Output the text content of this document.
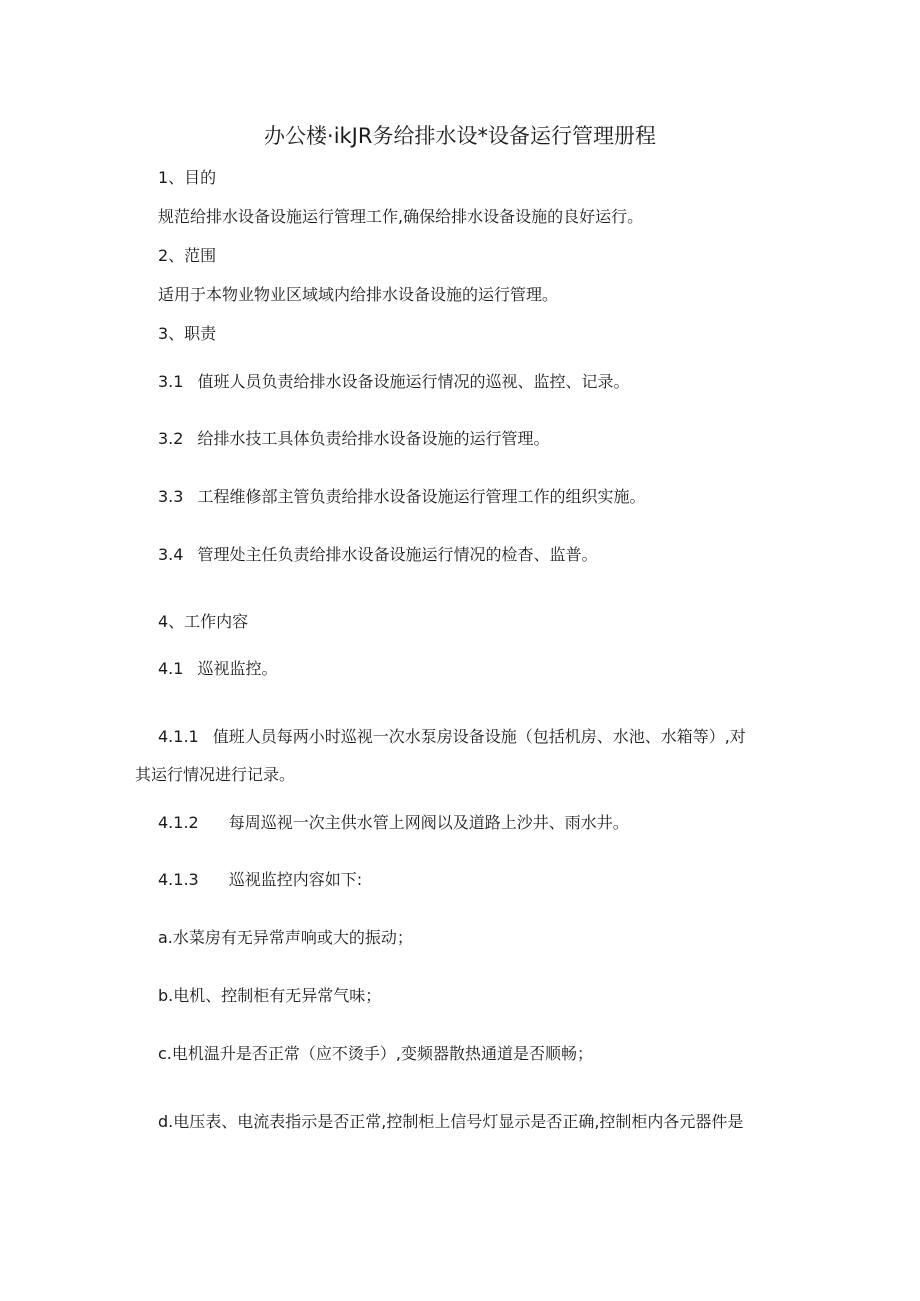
办公楼·ikJR务给排水设*设备运行管理册程
1、目的
规范给排水设备设施运行管理工作,确保给排水设备设施的良好运行。
2、范围
适用于本物业物业区域域内给排水设备设施的运行管理。
3、职责
3.1 值班人员负责给排水设备设施运行情况的巡视、监控、记录。
3.2 给排水技工具体负责给排水设备设施的运行管理。
3.3 工程维修部主管负责给排水设备设施运行管理工作的组织实施。
3.4 管理处主任负责给排水设备设施运行情况的检杳、监普。
4、工作内容
4.1 巡视监控。
4.1.1 值班人员每两小时巡视一次水泵房设备设施（包括机房、水池、水箱等）,对
其运行情况进行记录。
4.1.2 每周巡视一次主供水管上网阀以及道路上沙井、雨水井。
4.1.3 巡视监控内容如下:
a.水菜房有无异常声响或大的振动；
b.电机、控制柜有无异常气味；
c.电机温升是否正常（应不烫手）,变频器散热通道是否顺畅；
d.电压表、电流表指示是否正常,控制柜上信号灯显示是否正确,控制柜内各元器件是
